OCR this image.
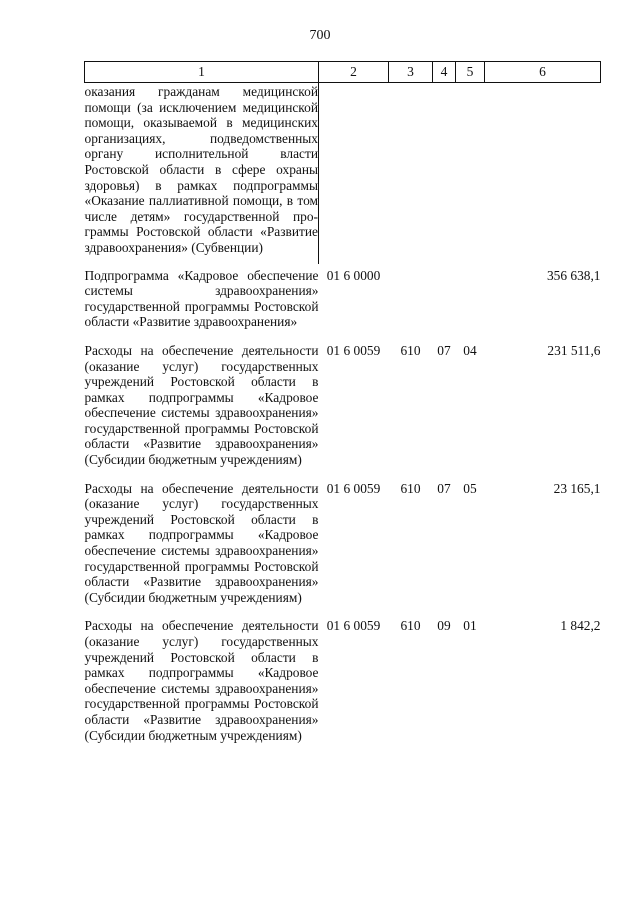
700
1	2	3	4	5	6
оказания гражданам медицинской помощи (за исключением медицинской помощи, оказываемой в медицинских организациях, подведомственных органу исполнительной власти Ростовской области в сфере охраны здоровья) в рамках подпрограммы «Оказание паллиативной помощи, в том числе детям» государственной программы Ростовской области «Развитие здравоохранения» (Субвенции)					
Подпрограмма «Кадровое обеспечение системы здравоохранения» государственной программы Ростовской области «Развитие здравоохранения»	01 6 0000				356 638,1
Расходы на обеспечение деятельности (оказание услуг) государственных учреждений Ростовской области в рамках подпрограммы «Кадровое обеспечение системы здравоохранения» государственной программы Ростовской области «Развитие здравоохранения» (Субсидии бюджетным учреждениям)	01 6 0059	610	07	04	231 511,6
Расходы на обеспечение деятельности (оказание услуг) государственных учреждений Ростовской области в рамках подпрограммы «Кадровое обеспечение системы здравоохранения» государственной программы Ростовской области «Развитие здравоохранения» (Субсидии бюджетным учреждениям)	01 6 0059	610	07	05	23 165,1
Расходы на обеспечение деятельности (оказание услуг) государственных учреждений Ростовской области в рамках подпрограммы «Кадровое обеспечение системы здравоохранения» государственной программы Ростовской области «Развитие здравоохранения» (Субсидии бюджетным учреждениям)	01 6 0059	610	09	01	1 842,2
